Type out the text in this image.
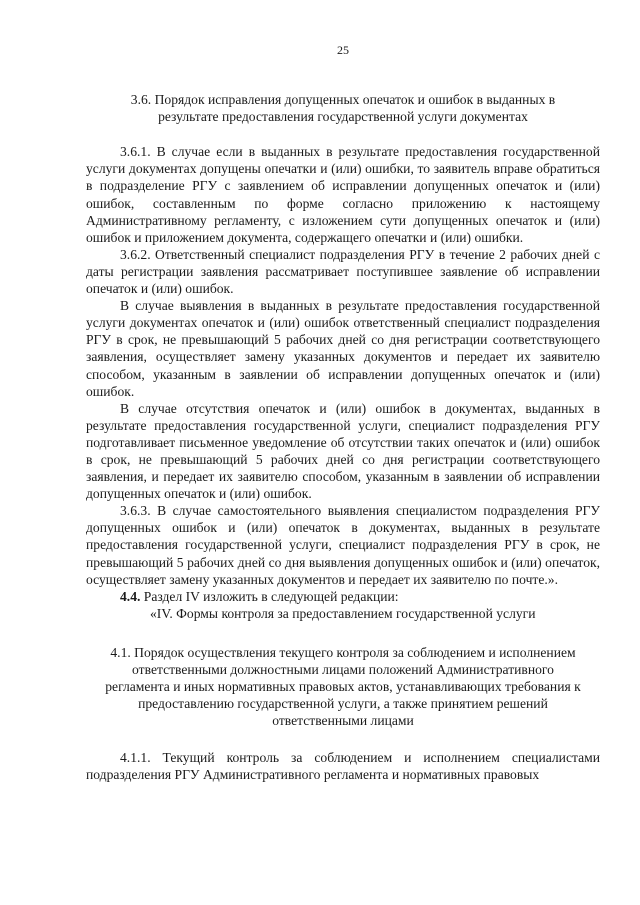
25
3.6. Порядок исправления допущенных опечаток и ошибок в выданных в результате предоставления государственной услуги документах

3.6.1. В случае если в выданных в результате предоставления государственной услуги документах допущены опечатки и (или) ошибки, то заявитель вправе обратиться в подразделение РГУ с заявлением об исправлении допущенных опечаток и (или) ошибок, составленным по форме согласно приложению к настоящему Административному регламенту, с изложением сути допущенных опечаток и (или) ошибок и приложением документа, содержащего опечатки и (или) ошибки.

3.6.2. Ответственный специалист подразделения РГУ в течение 2 рабочих дней с даты регистрации заявления рассматривает поступившее заявление об исправлении опечаток и (или) ошибок.

В случае выявления в выданных в результате предоставления государственной услуги документах опечаток и (или) ошибок ответственный специалист подразделения РГУ в срок, не превышающий 5 рабочих дней со дня регистрации соответствующего заявления, осуществляет замену указанных документов и передает их заявителю способом, указанным в заявлении об исправлении допущенных опечаток и (или) ошибок.

В случае отсутствия опечаток и (или) ошибок в документах, выданных в результате предоставления государственной услуги, специалист подразделения РГУ подготавливает письменное уведомление об отсутствии таких опечаток и (или) ошибок в срок, не превышающий 5 рабочих дней со дня регистрации соответствующего заявления, и передает их заявителю способом, указанным в заявлении об исправлении допущенных опечаток и (или) ошибок.

3.6.3. В случае самостоятельного выявления специалистом подразделения РГУ допущенных ошибок и (или) опечаток в документах, выданных в результате предоставления государственной услуги, специалист подразделения РГУ в срок, не превышающий 5 рабочих дней со дня выявления допущенных ошибок и (или) опечаток, осуществляет замену указанных документов и передает их заявителю по почте.».

4.4. Раздел IV изложить в следующей редакции:

«IV. Формы контроля за предоставлением государственной услуги

4.1. Порядок осуществления текущего контроля за соблюдением и исполнением ответственными должностными лицами положений Административного регламента и иных нормативных правовых актов, устанавливающих требования к предоставлению государственной услуги, а также принятием решений ответственными лицами

4.1.1. Текущий контроль за соблюдением и исполнением специалистами подразделения РГУ Административного регламента и нормативных правовых
